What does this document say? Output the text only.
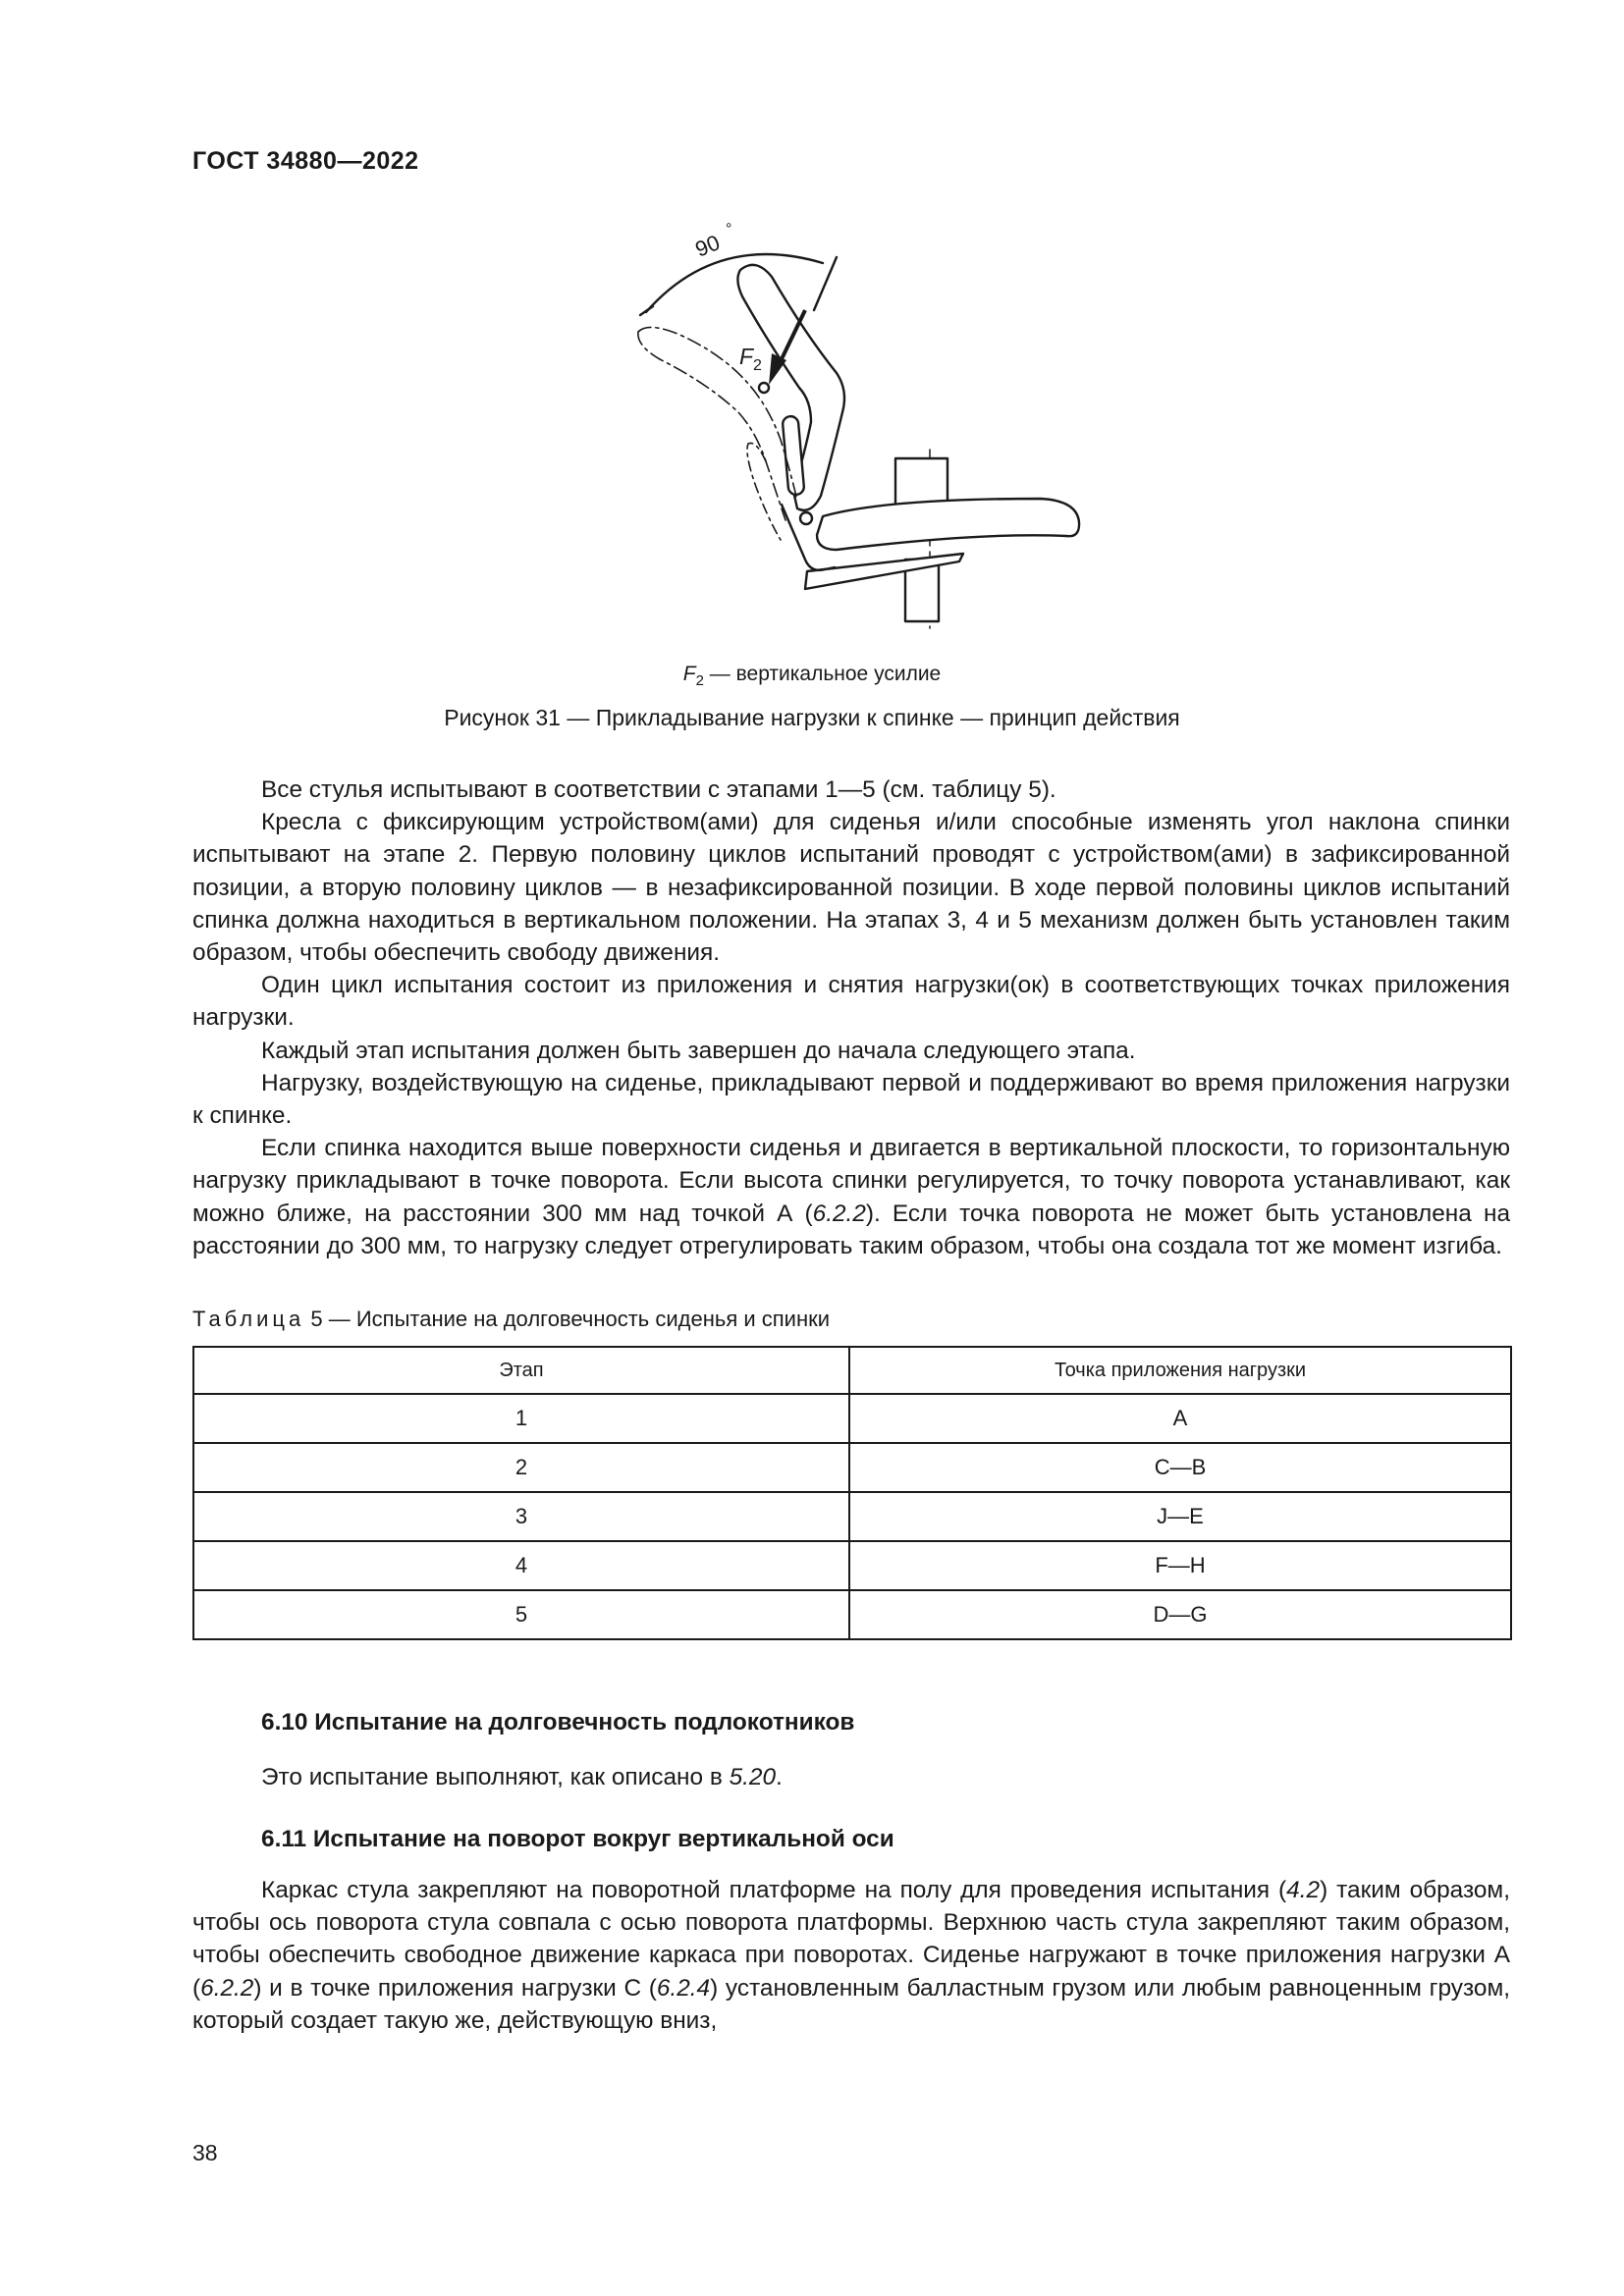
ГОСТ 34880—2022
90
°
F 2
$F_2$ — вертикальное усилие
Рисунок 31 — Прикладывание нагрузки к спинке — принцип действия

Все стулья испытывают в соответствии с этапами 1—5 (см. таблицу 5).

Кресла с фиксирующим устройством(ами) для сиденья и/или способные изменять угол наклона спинки испытывают на этапе 2. Первую половину циклов испытаний проводят с устройством(ами) в зафиксированной позиции, а вторую половину циклов — в незафиксированной позиции. В ходе первой половины циклов испытаний спинка должна находиться в вертикальном положении. На этапах 3, 4 и 5 механизм должен быть установлен таким образом, чтобы обеспечить свободу движения.

Один цикл испытания состоит из приложения и снятия нагрузки(ок) в соответствующих точках приложения нагрузки.

Каждый этап испытания должен быть завершен до начала следующего этапа.

Нагрузку, воздействующую на сиденье, прикладывают первой и поддерживают во время приложения нагрузки к спинке.

Если спинка находится выше поверхности сиденья и двигается в вертикальной плоскости, то горизонтальную нагрузку прикладывают в точке поворота. Если высота спинки регулируется, то точку поворота устанавливают, как можно ближе, на расстоянии 300 мм над точкой А (6.2.2). Если точка поворота не может быть установлена на расстоянии до 300 мм, то нагрузку следует отрегулировать таким образом, чтобы она создала тот же момент изгиба.

Таблица 5 — Испытание на долговечность сиденья и спинки
Этап	Точка приложения нагрузки
1	А
2	С—В
3	J—E
4	F—H
5	D—G
6.10 Испытание на долговечность подлокотников
Это испытание выполняют, как описано в 5.20.
6.11 Испытание на поворот вокруг вертикальной оси

Каркас стула закрепляют на поворотной платформе на полу для проведения испытания (4.2) таким образом, чтобы ось поворота стула совпала с осью поворота платформы. Верхнюю часть стула закрепляют таким образом, чтобы обеспечить свободное движение каркаса при поворотах. Сиденье нагружают в точке приложения нагрузки А (6.2.2) и в точке приложения нагрузки С (6.2.4) установленным балластным грузом или любым равноценным грузом, который создает такую же, действующую вниз,

38
